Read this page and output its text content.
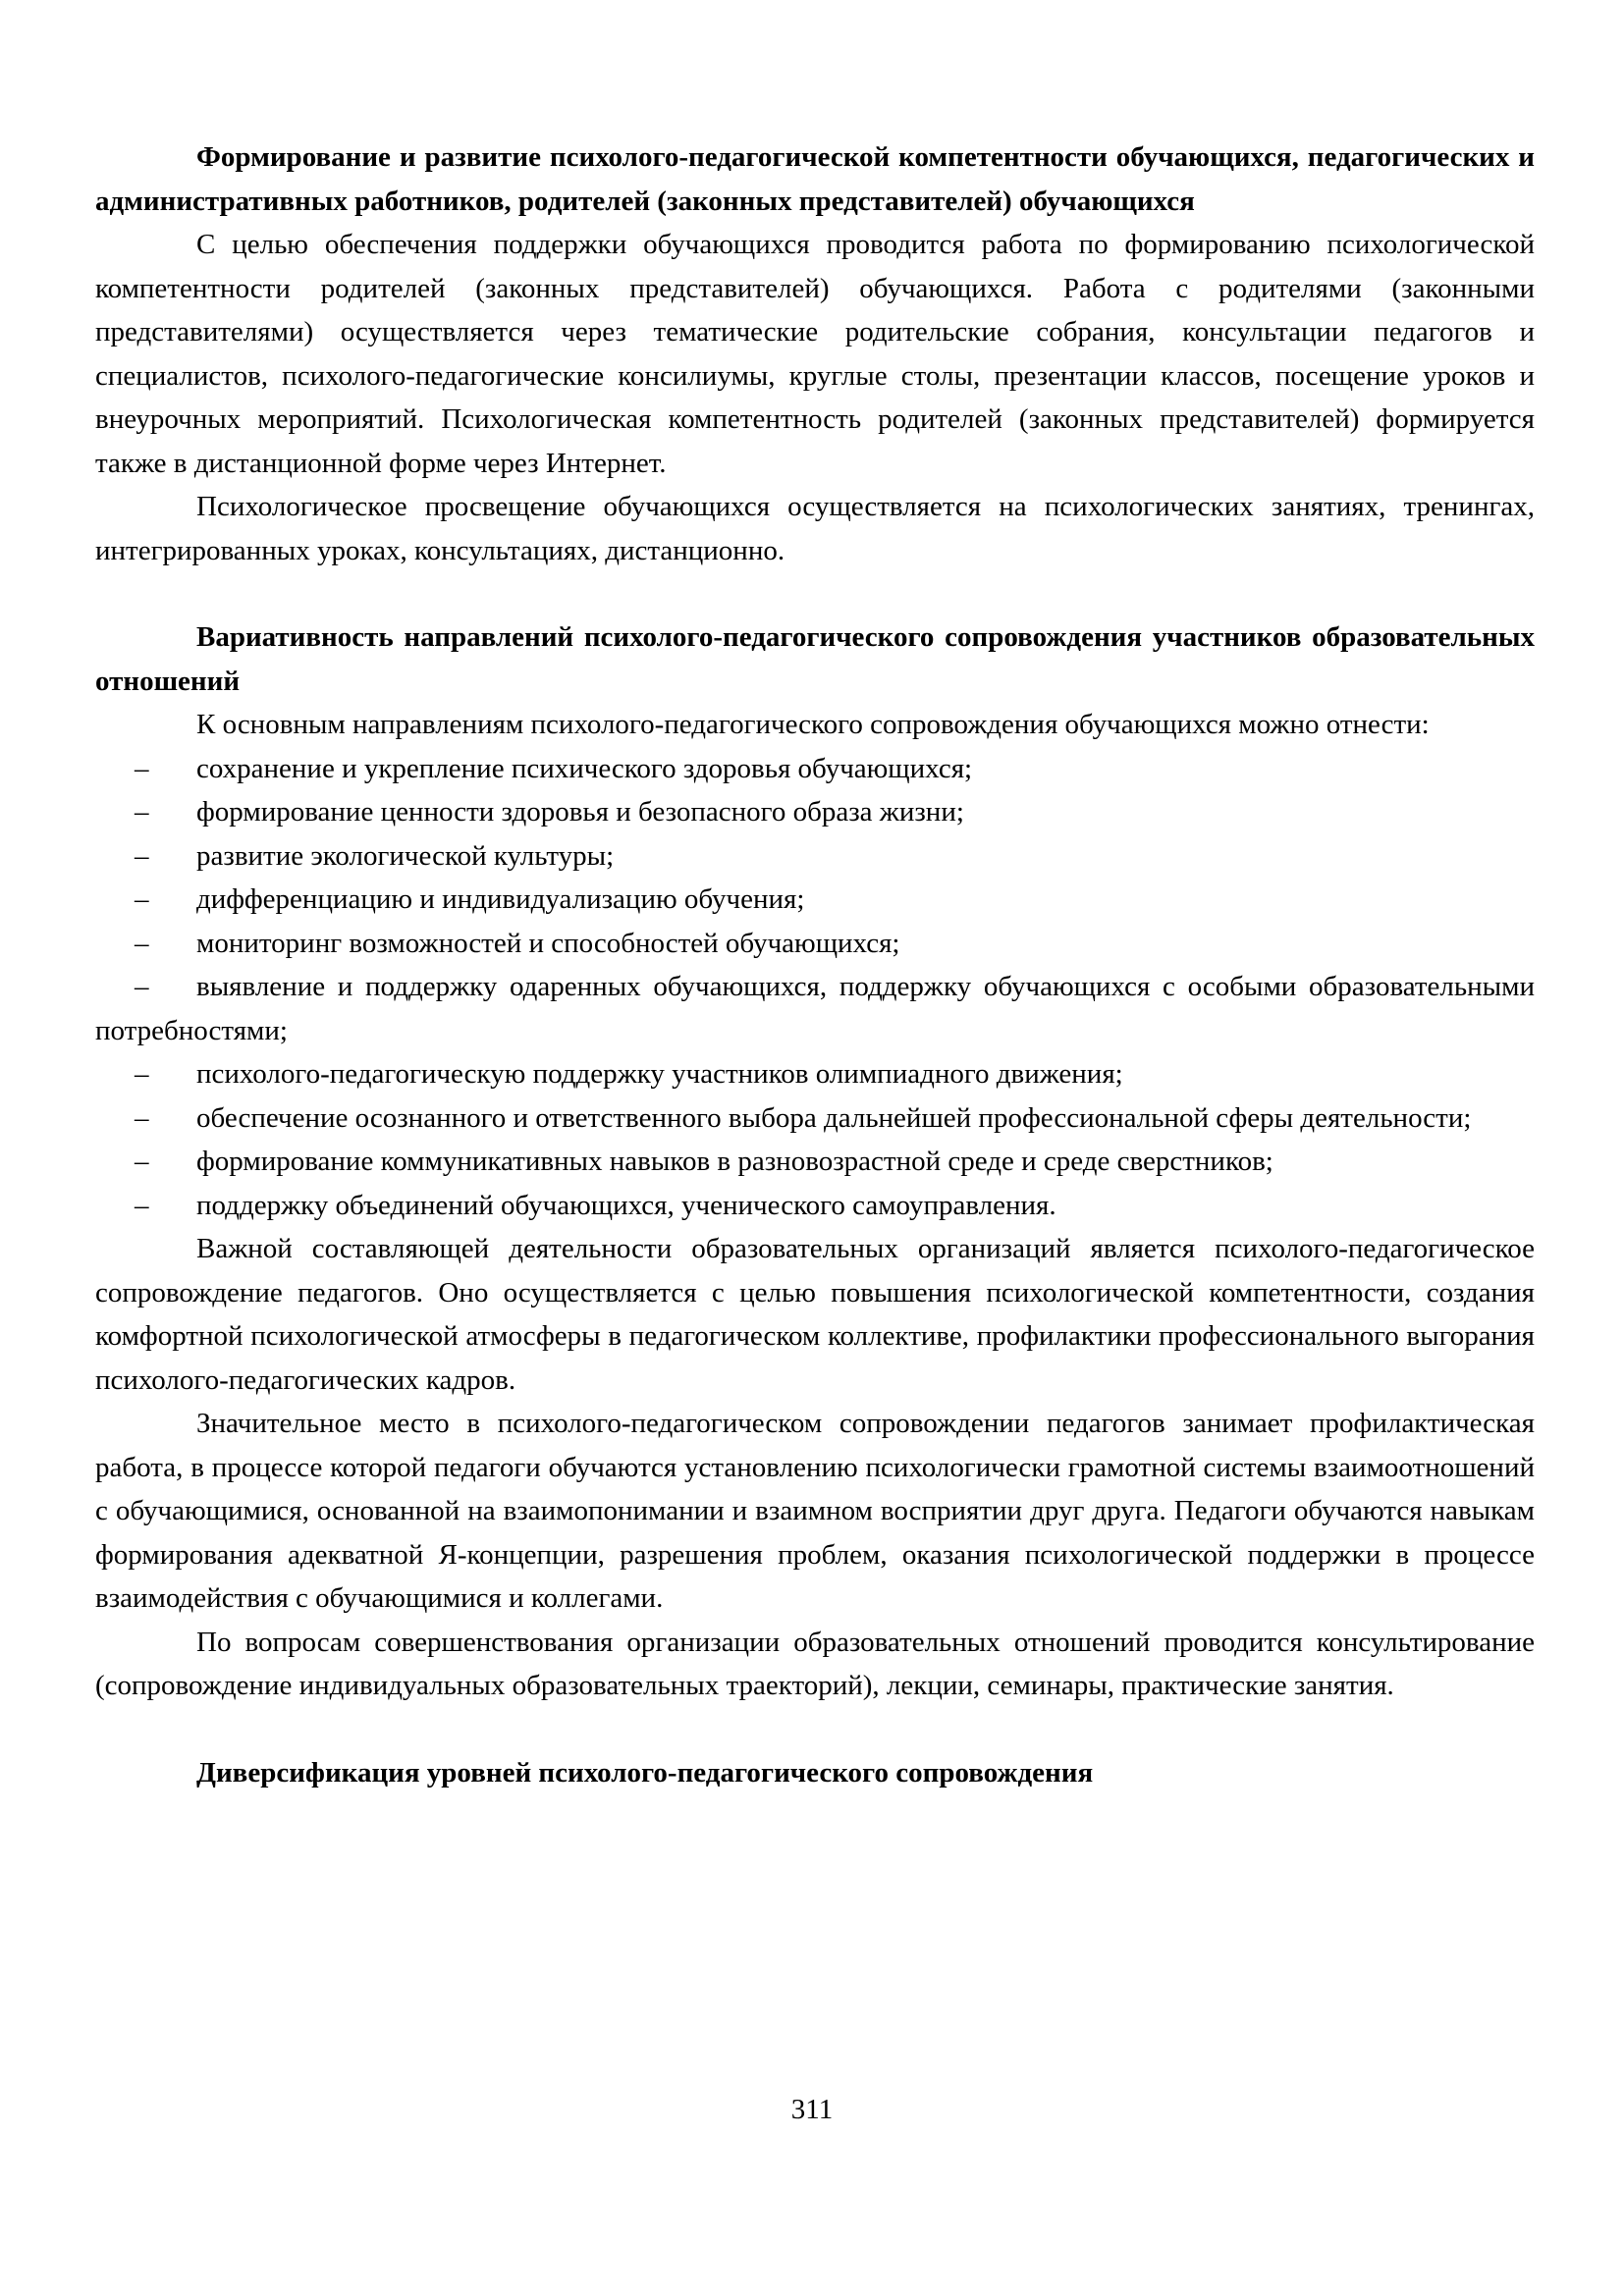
Формирование и развитие психолого-педагогической компетентности обучающихся, педагогических и административных работников, родителей (законных представителей) обучающихся

С целью обеспечения поддержки обучающихся проводится работа по формированию психологической компетентности родителей (законных представителей) обучающихся. Работа с родителями (законными представителями) осуществляется через тематические родительские собрания, консультации педагогов и специалистов, психолого-педагогические консилиумы, круглые столы, презентации классов, посещение уроков и внеурочных мероприятий. Психологическая компетентность родителей (законных представителей) формируется также в дистанционной форме через Интернет.

Психологическое просвещение обучающихся осуществляется на психологических занятиях, тренингах, интегрированных уроках, консультациях, дистанционно.

Вариативность направлений психолого-педагогического сопровождения участников образовательных отношений

К основным направлениям психолого-педагогического сопровождения обучающихся можно отнести:

– сохранение и укрепление психического здоровья обучающихся;

– формирование ценности здоровья и безопасного образа жизни;

– развитие экологической культуры;

– дифференциацию и индивидуализацию обучения;

– мониторинг возможностей и способностей обучающихся;

– выявление и поддержку одаренных обучающихся, поддержку обучающихся с особыми образовательными потребностями;

– психолого-педагогическую поддержку участников олимпиадного движения;

– обеспечение осознанного и ответственного выбора дальнейшей профессиональной сферы деятельности;

– формирование коммуникативных навыков в разновозрастной среде и среде сверстников;

– поддержку объединений обучающихся, ученического самоуправления.

Важной составляющей деятельности образовательных организаций является психолого-педагогическое сопровождение педагогов. Оно осуществляется с целью повышения психологической компетентности, создания комфортной психологической атмосферы в педагогическом коллективе, профилактики профессионального выгорания психолого-педагогических кадров.

Значительное место в психолого-педагогическом сопровождении педагогов занимает профилактическая работа, в процессе которой педагоги обучаются установлению психологически грамотной системы взаимоотношений с обучающимися, основанной на взаимопонимании и взаимном восприятии друг друга. Педагоги обучаются навыкам формирования адекватной Я-концепции, разрешения проблем, оказания психологической поддержки в процессе взаимодействия с обучающимися и коллегами.

По вопросам совершенствования организации образовательных отношений проводится консультирование (сопровождение индивидуальных образовательных траекторий), лекции, семинары, практические занятия.

Диверсификация уровней психолого-педагогического сопровождения

311
